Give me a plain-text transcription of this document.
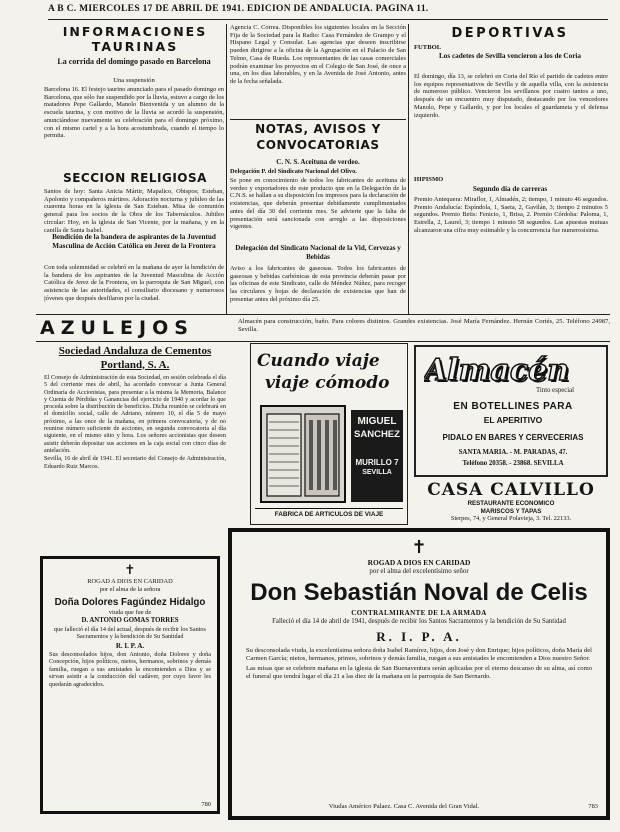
A B C. MIERCOLES 17 DE ABRIL DE 1941. EDICION DE ANDALUCIA. PAGINA 11.
INFORMACIONES TAURINAS
La corrida del domingo pasado en Barcelona
Una suspensión
Barcelona 16. El festejo taurino anunciado para el pasado domingo en Barcelona, que sólo fue suspendido por la lluvia, estuvo a cargo de los matadores Pepe Gallardo, Manolo Bienvenida y un alumno de la escuela taurina, y con motivo de la lluvia se acordó la suspensión, anunciándose nuevamente su celebración para el domingo próximo, con el mismo cartel y a la hora acostumbrada, cuando el tiempo lo permita.
SECCION RELIGIOSA
Santos de hoy: Santa Anicia Mártir, Mapalico, Obispos; Esteban, Apolonio y compañeros mártires. Adoración nocturna y jubileo de las cuarenta horas en la iglesia de San Esteban. Misa de comunión general para los socios de la Obra de los Tabernáculos. Jubileo circular: Hoy, en la iglesia de San Vicente, por la mañana, y en la capilla de Santa Isabel.
Bendición de la bandera de aspirantes de la Juventud Masculina de Acción Católica en Jerez de la Frontera
Con toda solemnidad se celebró en la mañana de ayer la bendición de la bandera de los aspirantes de la Juventud Masculina de Acción Católica de Jerez de la Frontera, en la parroquia de San Miguel, con asistencia de las autoridades, el consiliario diocesano y numerosos jóvenes que después desfilaron por la ciudad.
Agencia C. Correa. Disponibles los siguientes locales en la Sección Fija de la Sociedad para la Radio: Casa Fernández de Grampo y el Hispano Legal y Consular. Las agencias que deseen inscribirse pueden dirigirse a la oficina de la Agrupación en el Palacio de San Telmo, Casa de Rueda. Los representantes de las casas comerciales podrán examinar los proyectos en el Colegio de San José, de once a una, en los días laborables, y en la Avenida de José Antonio, antes de la fecha señalada.
NOTAS, AVISOS Y CONVOCATORIAS
C. N. S. Aceituna de verdeo.
Delegación P. del Sindicato Nacional del Olivo.
Se pone en conocimiento de todos los fabricantes de aceituna de verdeo y exportadores de este producto que en la Delegación de la C.N.S. se hallan a su disposición los impresos para la declaración de existencias, que deberán presentar debidamente cumplimentados antes del día 30 del corriente mes. Se advierte que la falta de presentación será sancionada con arreglo a las disposiciones vigentes.
Delegación del Sindicato Nacional de la Vid, Cervezas y Bebidas
Aviso a los fabricantes de gaseosas. Todos los fabricantes de gaseosas y bebidas carbónicas de esta provincia deberán pasar por las oficinas de este Sindicato, calle de Méndez Núñez, para recoger las circulares y hojas de declaración de existencias que han de presentar antes del próximo día 25.
DEPORTIVAS
FUTBOL
Los cadetes de Sevilla vencieron a los de Coria
El domingo, día 13, se celebró en Coria del Río el partido de cadetes entre los equipos representativos de Sevilla y de aquella villa, con la asistencia de numeroso público. Vencieron los sevillanos por cuatro tantos a uno, después de un encuentro muy disputado, destacando por los vencedores Manolo, Pepe y Gallardo, y por los locales el guardameta y el defensa izquierdo.
HIPISMO
Segundo día de carreras
Premio Antequera: Miraflor, 1, Almadén, 2; tiempo, 1 minuto 46 segundos. Premio Andalucía: Espíndola, 1, Saeta, 2, Gavilán, 3; tiempo 2 minutos 5 segundos. Premio Betis: Fenicio, 1, Brisa, 2. Premio Córdoba: Paloma, 1, Estrella, 2, Laurel, 3; tiempo 1 minuto 58 segundos. Las apuestas mutuas alcanzaron una cifra muy estimable y la concurrencia fue numerosísima.
AZULEJOS	Almacén para construcción, baño. Para colores distintos. Grandes existencias. José María Fernández. Hernán Cortés, 25. Teléfono 24987, Sevilla.
Sociedad Andaluza de Cementos Portland, S. A.
El Consejo de Administración de esta Sociedad, en sesión celebrada el día 5 del corriente mes de abril, ha acordado convocar a Junta General Ordinaria de Accionistas, para presentar a la misma la Memoria, Balance y Cuenta de Pérdidas y Ganancias del ejercicio de 1940 y acordar lo que proceda sobre la distribución de beneficios. Dicha reunión se celebrará en el domicilio social, calle de Adriano, número 10, el día 5 de mayo próximo, a las once de la mañana, en primera convocatoria, y de no reunirse número suficiente de acciones, en segunda convocatoria al día siguiente, en el mismo sitio y hora. Los señores accionistas que deseen asistir deberán depositar sus acciones en la caja social con cinco días de antelación.
Sevilla, 16 de abril de 1941. El secretario del Consejo de Administración, Eduardo Ruiz Marcos.
Cuando viaje
viaje cómodo
MIGUEL
SANCHEZ
MURILLO 7
SEVILLA
FABRICA DE ARTICULOS DE VIAJE
Almacén
Tinto especial
EN BOTELLINES PARA
EL APERITIVO
PIDALO EN BARES Y CERVECERIAS
SANTA MARIA. - M. PARADAS, 47.
Teléfono 20358. - 23868. SEVILLA
CASA CALVILLO
RESTAURANTE ECONOMICO
MARISCOS Y TAPAS
Sierpes, 74, y General Polavieja, 3. Tel. 22133.
✝
ROGAD A DIOS EN CARIDAD
por el alma de la señora
Doña Dolores Fagúndez Hidalgo
viuda que fue de
D. ANTONIO GOMAS TORRES
que falleció el día 14 del actual, después de recibir los Santos Sacramentos y la bendición de Su Santidad
R. I. P. A.
Sus desconsolados hijos, don Antonio, doña Dolores y doña Concepción, hijos políticos, nietos, hermanos, sobrinos y demás familia, ruegan a sus amistades la encomienden a Dios y se sirvan asistir a la conducción del cadáver, por cuyo favor les quedarán agradecidos.
780
✝
ROGAD A DIOS EN CARIDAD
por el alma del excelentísimo señor
Don Sebastián Noval de Celis
CONTRALMIRANTE DE LA ARMADA
Falleció el día 14 de abril de 1941, después de recibir los Santos Sacramentos y la bendición de Su Santidad
R. I. P. A.
Su desconsolada viuda, la excelentísima señora doña Isabel Ramírez, hijos, don José y don Enrique; hijos políticos, doña María del Carmen García; nietos, hermanos, primos, sobrinos y demás familia, ruegan a sus amistades le encomienden a Dios nuestro Señor.
Las misas que se celebren mañana en la iglesia de San Buenaventura serán aplicadas por el eterno descanso de su alma, así como el funeral que tendrá lugar el día 21 a las diez de la mañana en la parroquia de San Bernardo.
Viudas Américo Palaez. Casa C. Avenida del Gran Vidal.	783
